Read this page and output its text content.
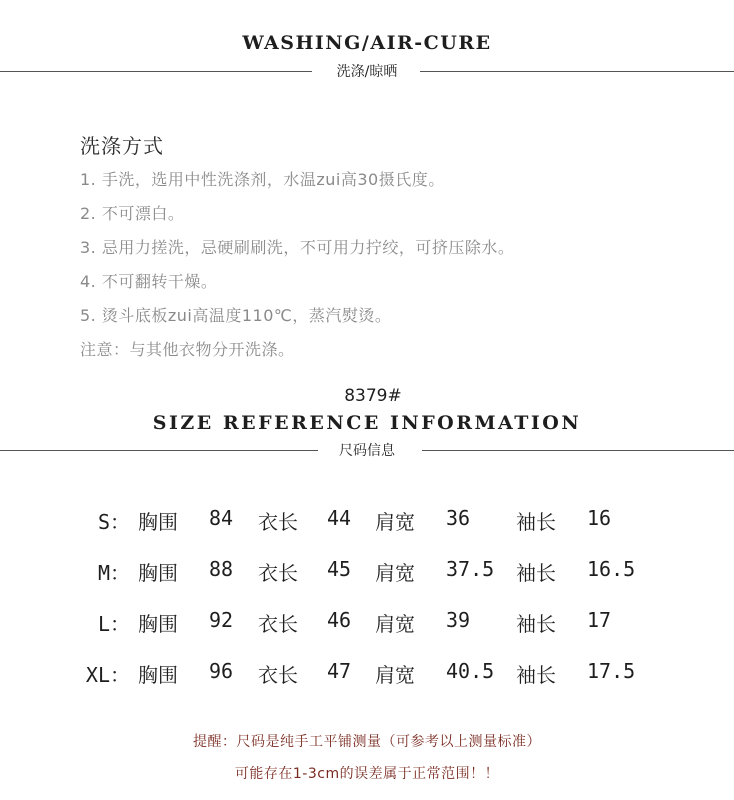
WASHING/AIR-CURE
洗涤/晾晒
洗涤方式
1. 手洗，选用中性洗涤剂，水温zui高30摄氏度。
2. 不可漂白。
3. 忌用力搓洗，忌硬刷刷洗，不可用力拧绞，可挤压除水。
4. 不可翻转干燥。
5. 烫斗底板zui高温度110℃，蒸汽熨烫。
注意：与其他衣物分开洗涤。
8379#
SIZE REFERENCE INFORMATION
尺码信息
S： 胸围 84 衣长 44 肩宽 36 袖长 16
M： 胸围 88 衣长 45 肩宽 37.5 袖长 16.5
L： 胸围 92 衣长 46 肩宽 39 袖长 17
XL： 胸围 96 衣长 47 肩宽 40.5 袖长 17.5
提醒：尺码是纯手工平铺测量（可参考以上测量标准）
可能存在1-3cm的误差属于正常范围！！
